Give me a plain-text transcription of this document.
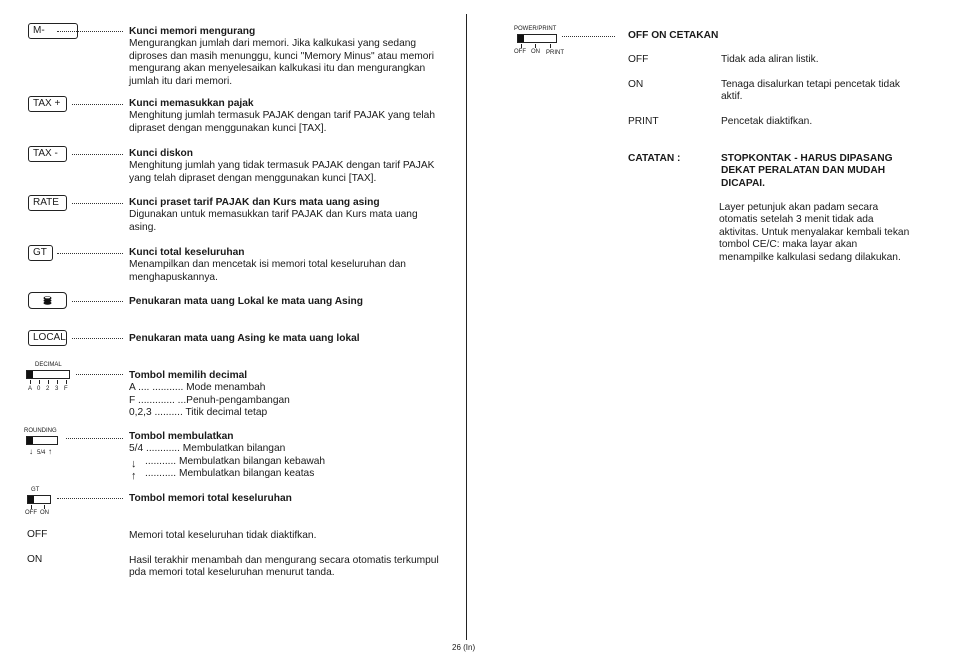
M-	Kunci memori mengurang
Mengurangkan jumlah dari memori. Jika kalkukasi yang sedang diproses dan masih menunggu, kunci "Memory Minus" atau memori mengurang akan menyelesaikan kalkukasi itu dan mengurangkan jumlah itu dari memori.
TAX +	Kunci memasukkan pajak
Menghitung jumlah termasuk PAJAK dengan tarif PAJAK yang telah dipraset dengan menggunakan kunci [TAX].
TAX -	Kunci diskon
Menghitung jumlah yang tidak termasuk PAJAK dengan tarif PAJAK yang telah dipraset dengan menggunakan kunci [TAX].
RATE	Kunci praset tarif PAJAK dan Kurs mata uang asing
Digunakan untuk memasukkan tarif PAJAK dan Kurs mata uang asing.
GT	Kunci total keseluruhan
Menampilkan dan mencetak isi memori total keseluruhan dan menghapuskannya.
Penukaran mata uang Lokal ke mata uang Asing
LOCAL	Penukaran mata uang Asing ke mata uang lokal
DECIMAL
A 0 2 3 F
Tombol memilih decimal
A .... ........... Mode menambah
F ............. ...Penuh-pengambangan
0,2,3 .......... Titik decimal tetap
ROUNDING
↓ 5/4 ↑
Tombol membulatkan
5/4 ............ Membulatkan bilangan
↓ ........... Membulatkan bilangan kebawah
↑ ........... Membulatkan bilangan keatas
GT
OFF ON
Tombol memori total keseluruhan
OFF	Memori total keseluruhan tidak diaktifkan.
ON	Hasil terakhir menambah dan mengurang secara otomatis terkumpul pda memori total keseluruhan menurut tanda.
POWER/PRINT
OFF ON PRINT
OFF ON CETAKAN
OFF	Tidak ada aliran listik.
ON	Tenaga disalurkan tetapi pencetak tidak aktif.
PRINT	Pencetak diaktifkan.
CATATAN :	STOPKONTAK - HARUS DIPASANG DEKAT PERALATAN DAN MUDAH DICAPAI.
Layer petunjuk akan padam secara otomatis setelah 3 menit tidak ada aktivitas. Untuk menyalakar kembali tekan tombol CE/C: maka layar akan menampilke kalkulasi sedang dilakukan.
26 (In)
